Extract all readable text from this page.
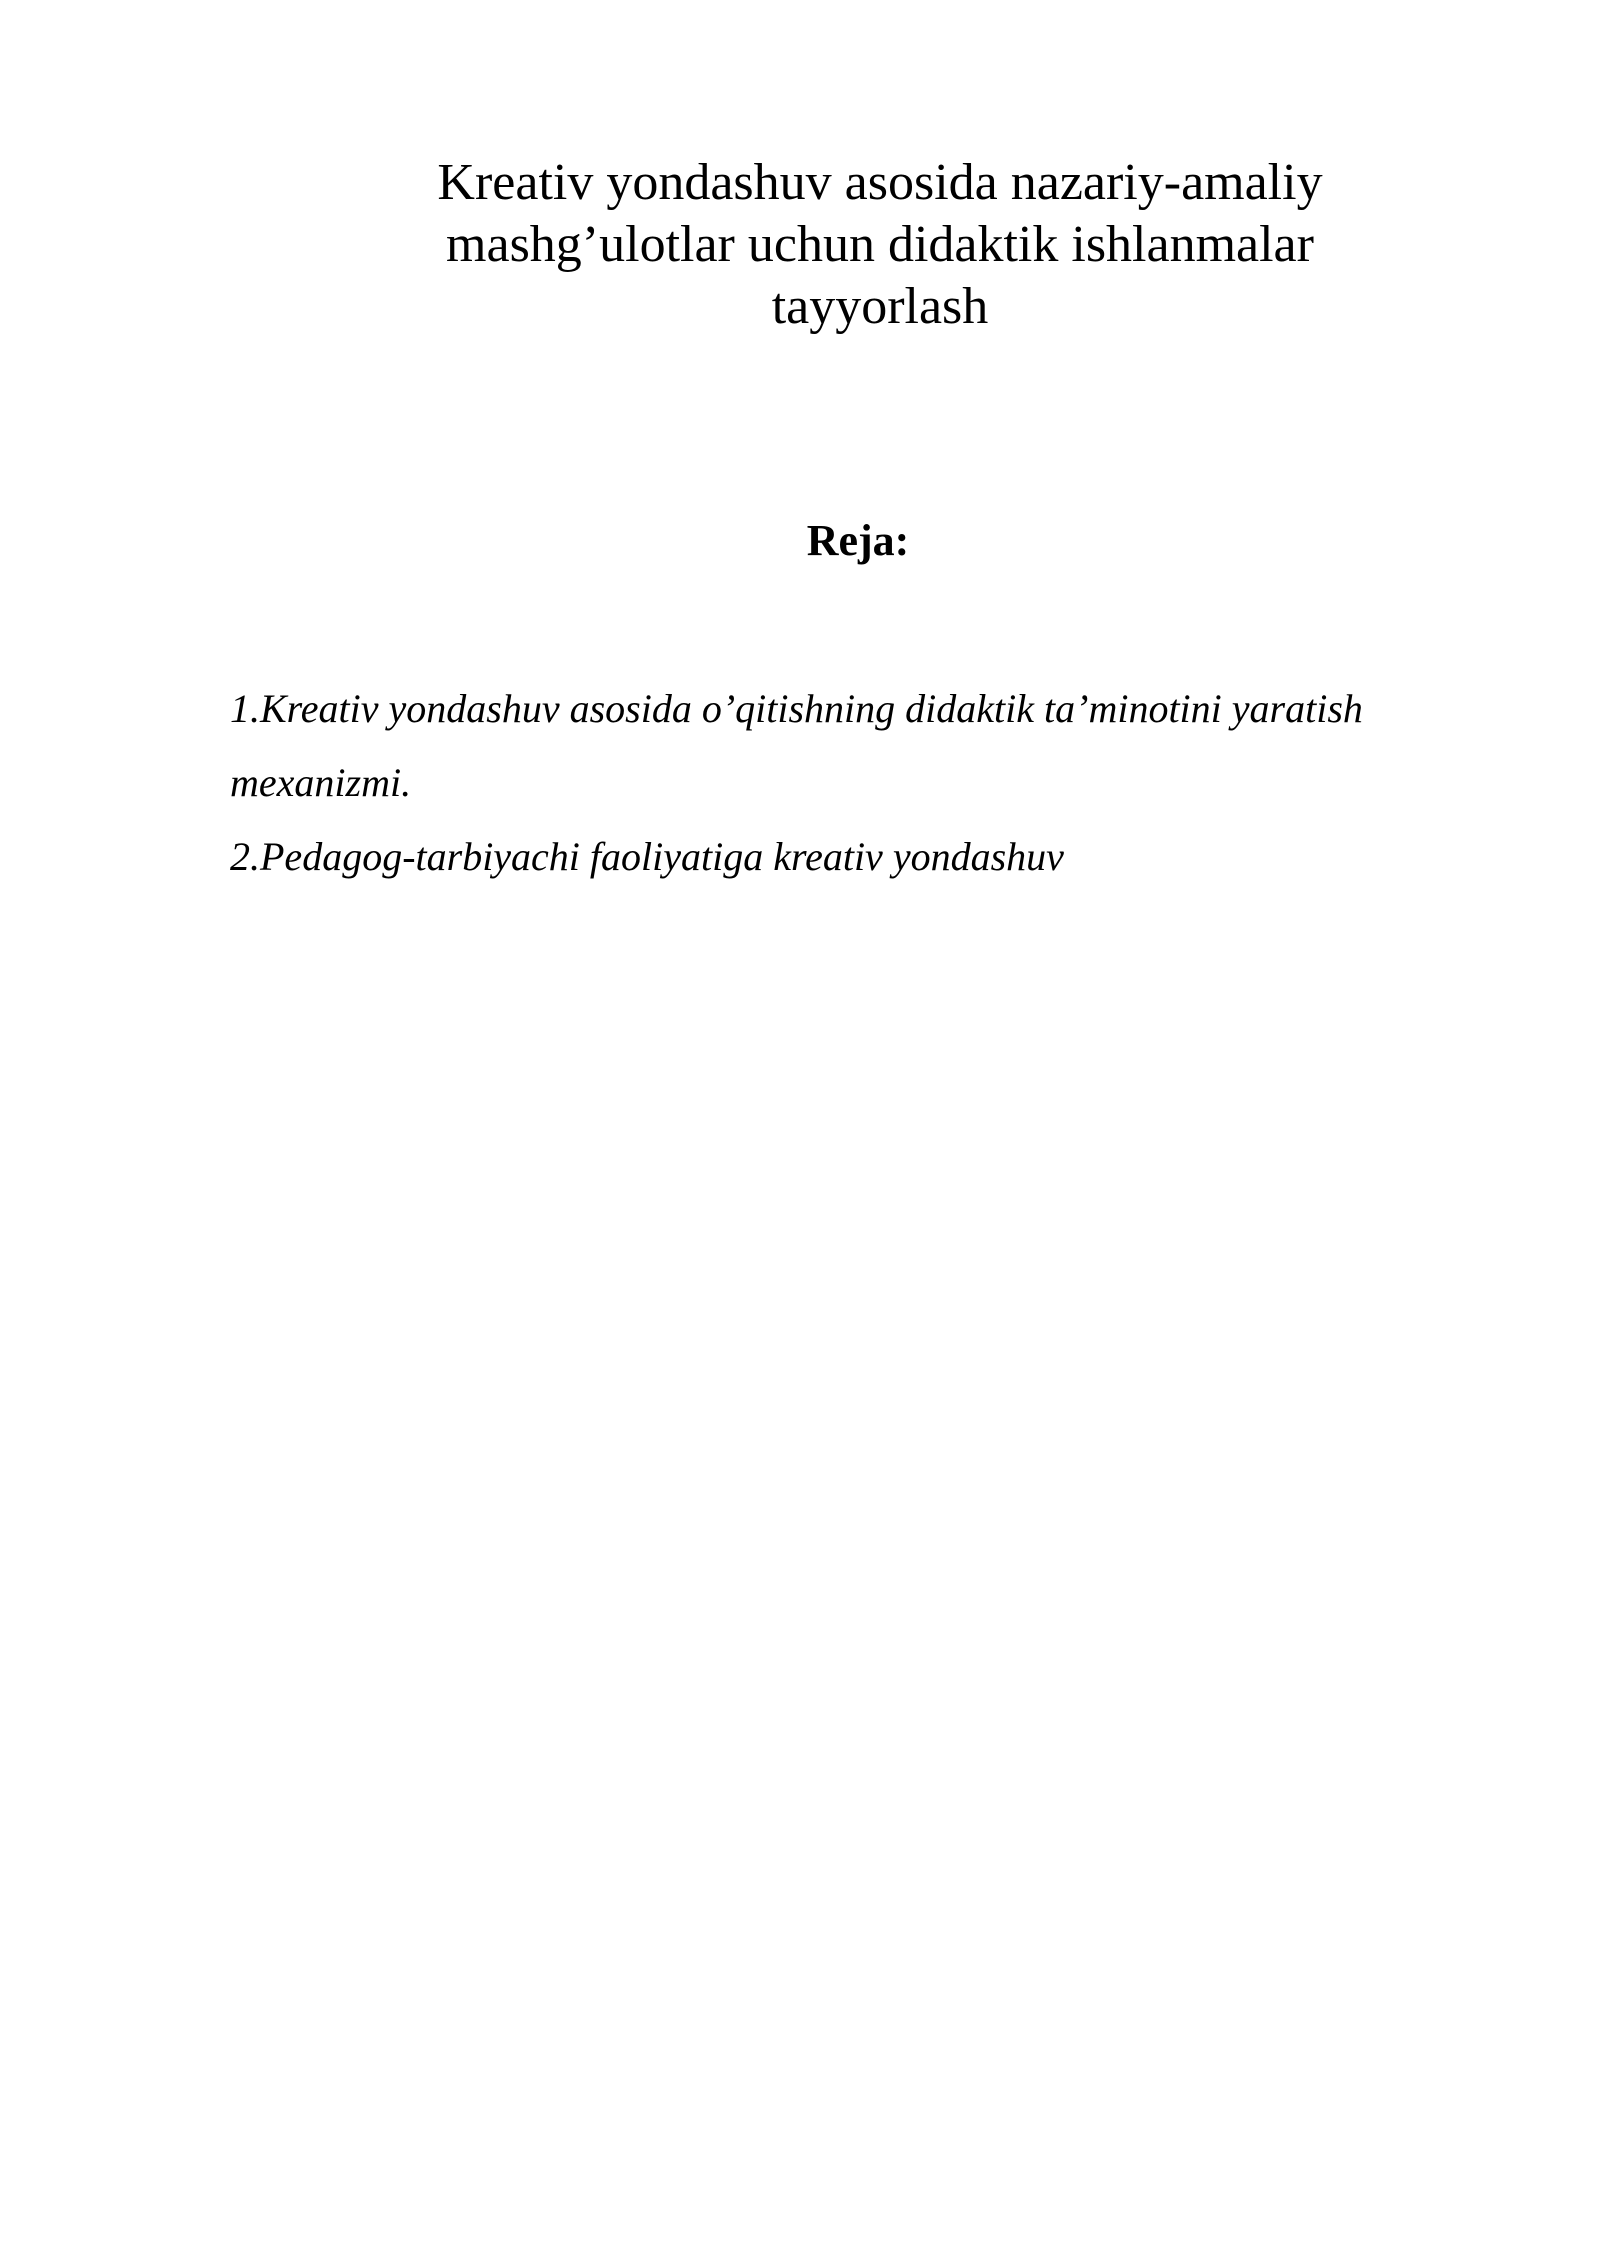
Kreativ yondashuv asosida nazariy-amaliy
mashg’ulotlar uchun didaktik ishlanmalar
tayyorlash
Reja:
1.Kreativ yondashuv asosida o’qitishning didaktik ta’minotini yaratish
mexanizmi.
2.Pedagog-tarbiyachi faoliyatiga kreativ yondashuv
